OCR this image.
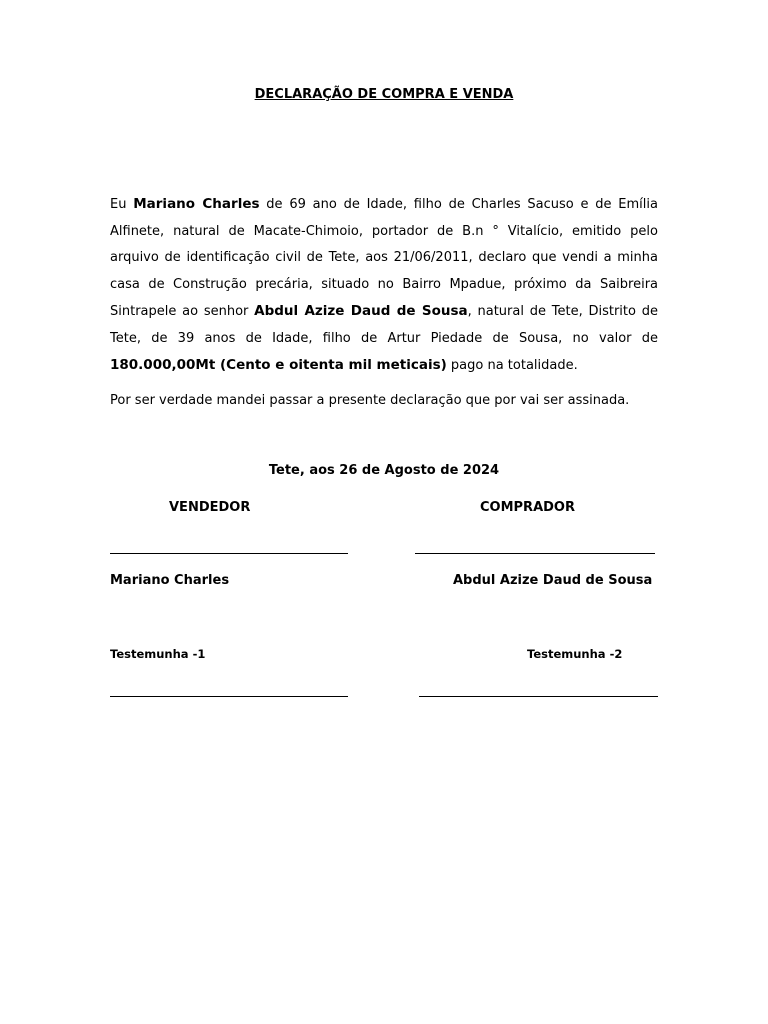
DECLARAÇÃO DE COMPRA E VENDA
Eu Mariano Charles de 69 ano de Idade, filho de Charles Sacuso e de Emília Alfinete, natural de Macate-Chimoio, portador de B.n ° Vitalício, emitido pelo arquivo de identificação civil de Tete, aos 21/06/2011, declaro que vendi a minha casa de Construção precária, situado no Bairro Mpadue, próximo da Saibreira Sintrapele ao senhor Abdul Azize Daud de Sousa, natural de Tete, Distrito de Tete, de 39 anos de Idade, filho de Artur Piedade de Sousa, no valor de 180.000,00Mt (Cento e oitenta mil meticais) pago na totalidade.
Por ser verdade mandei passar a presente declaração que por vai ser assinada.
Tete, aos 26 de Agosto de 2024
VENDEDOR	COMPRADOR
Mariano Charles	Abdul Azize Daud de Sousa
Testemunha -1	Testemunha -2
